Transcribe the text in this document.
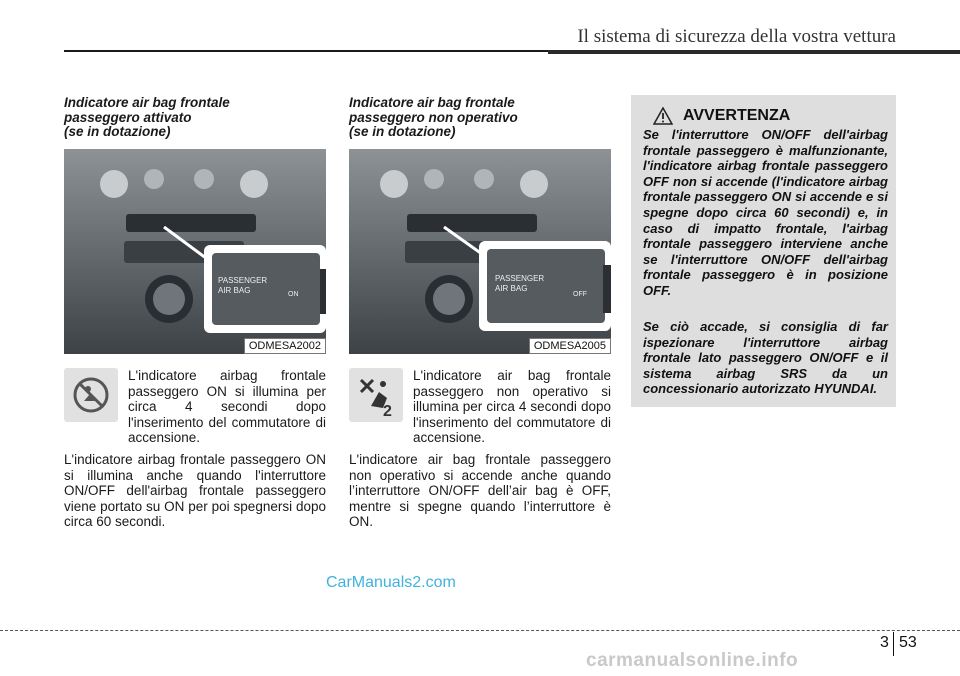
Il sistema di sicurezza della vostra vettura

Indicatore air bag frontale
passeggero attivato
(se in dotazione)

PASSENGER
AIR BAG	ON
ODMESA2002

L'indicatore airbag frontale passeggero ON si illumina per circa 4 secondi dopo l'inserimento del commutatore di accensione.

L'indicatore airbag frontale passeggero ON si illumina anche quando l'interruttore ON/OFF dell'airbag frontale passeggero viene portato su ON per poi spegnersi dopo circa 60 secondi.

Indicatore air bag frontale
passeggero non operativo
(se in dotazione)

PASSENGER
AIR BAG
OFF
ODMESA2005
2

L'indicatore air bag frontale passeggero non operativo si illumina per circa 4 secondi dopo l'inserimento del commutatore di accensione.

L'indicatore air bag frontale passeggero non operativo si accende anche quando l’interruttore ON/OFF dell’air bag è OFF, mentre si spegne quando l’interruttore è ON.

AVVERTENZA

Se l'interruttore ON/OFF dell'airbag frontale passeggero è malfunzionante, l'indicatore airbag frontale passeggero OFF non si accende (l'indicatore airbag frontale passeggero ON si accende e si spegne dopo circa 60 secondi) e, in caso di impatto frontale, l'airbag frontale passeggero interviene anche se l'interruttore ON/OFF dell'airbag frontale passeggero è in posizione OFF.

Se ciò accade, si consiglia di far ispezionare l'interruttore airbag frontale lato passeggero ON/OFF e il sistema airbag SRS da un concessionario autorizzato HYUNDAI.

CarManuals2.com
3 53
carmanualsonline.info
